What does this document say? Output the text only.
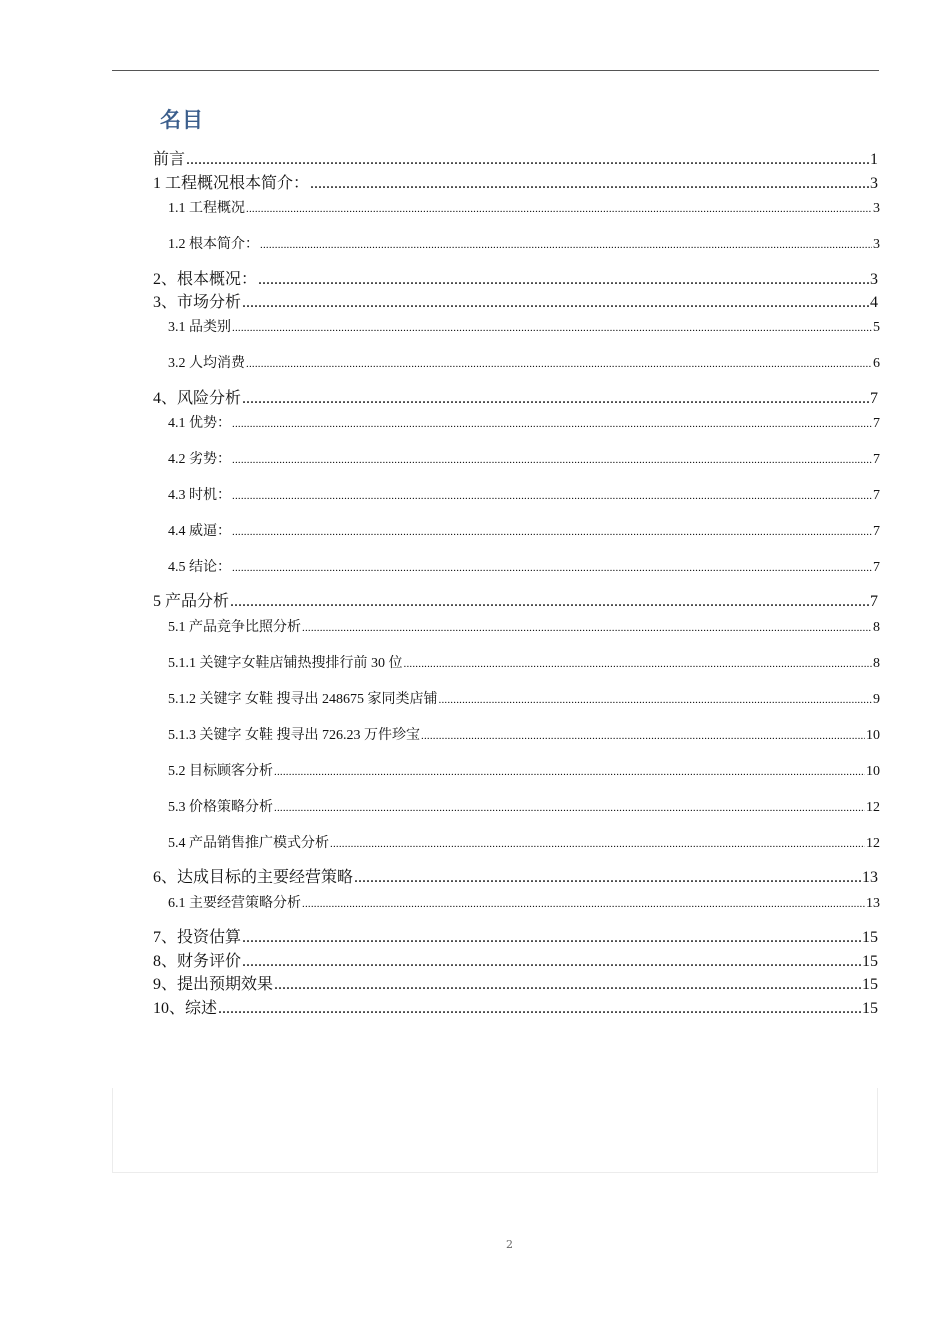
名目
前言 .....	1
1 工程概况根本简介： .....	3
1.1 工程概况 .....	3
1.2 根本简介： .....	3
2、根本概况： .....	3
3、市场分析 .....	4
3.1 品类别 .....	5
3.2 人均消费 .....	6
4、风险分析 .....	7
4.1 优势： .....	7
4.2 劣势： .....	7
4.3 时机： .....	7
4.4 威逼： .....	7
4.5 结论： .....	7
5 产品分析 .....	7
5.1 产品竞争比照分析 .....	8
5.1.1 关键字女鞋店铺热搜排行前 30 位 .....	8
5.1.2 关键字 女鞋 搜寻出 248675 家同类店铺 .....	9
5.1.3 关键字 女鞋 搜寻出 726.23 万件珍宝 .....	10
5.2 目标顾客分析 .....	10
5.3 价格策略分析 .....	12
5.4 产品销售推广模式分析 .....	12
6、达成目标的主要经营策略 .....	13
6.1 主要经营策略分析 .....	13
7、投资估算 .....	15
8、财务评价 .....	15
9、提出预期效果 .....	15
10、综述 .....	15
2
